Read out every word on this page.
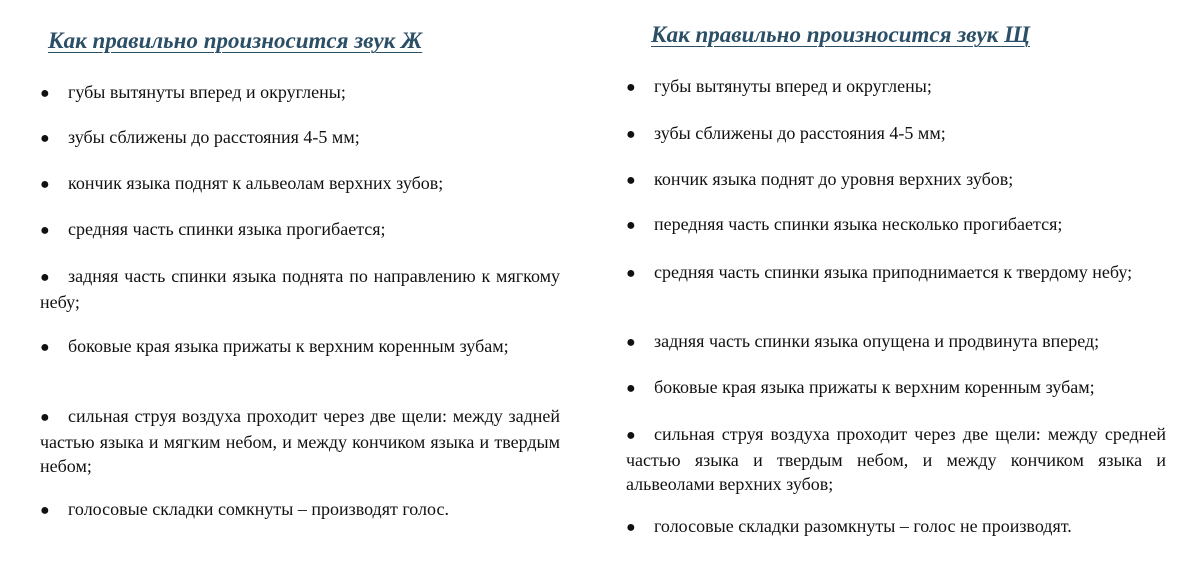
Как правильно произносится звук Ж

● губы вытянуты вперед и округлены;

● зубы сближены до расстояния 4-5 мм;

● кончик языка поднят к альвеолам верхних зубов;

● средняя часть спинки языка прогибается;

● задняя часть спинки языка поднята по направлению к мягкому небу;

● боковые края языка прижаты к верхним коренным зубам;

● сильная струя воздуха проходит через две щели: между задней частью языка и мягким небом, и между кончиком языка и твердым небом;

● голосовые складки сомкнуты – производят голос.

Как правильно произносится звук Щ

● губы вытянуты вперед и округлены;

● зубы сближены до расстояния 4-5 мм;

● кончик языка поднят до уровня верхних зубов;

● передняя часть спинки языка несколько прогибается;

● средняя часть спинки языка приподнимается к твердому небу;

● задняя часть спинки языка опущена и продвинута вперед;

● боковые края языка прижаты к верхним коренным зубам;

● сильная струя воздуха проходит через две щели: между средней частью языка и твердым небом, и между кончиком языка и альвеолами верхних зубов;

● голосовые складки разомкнуты – голос не производят.
